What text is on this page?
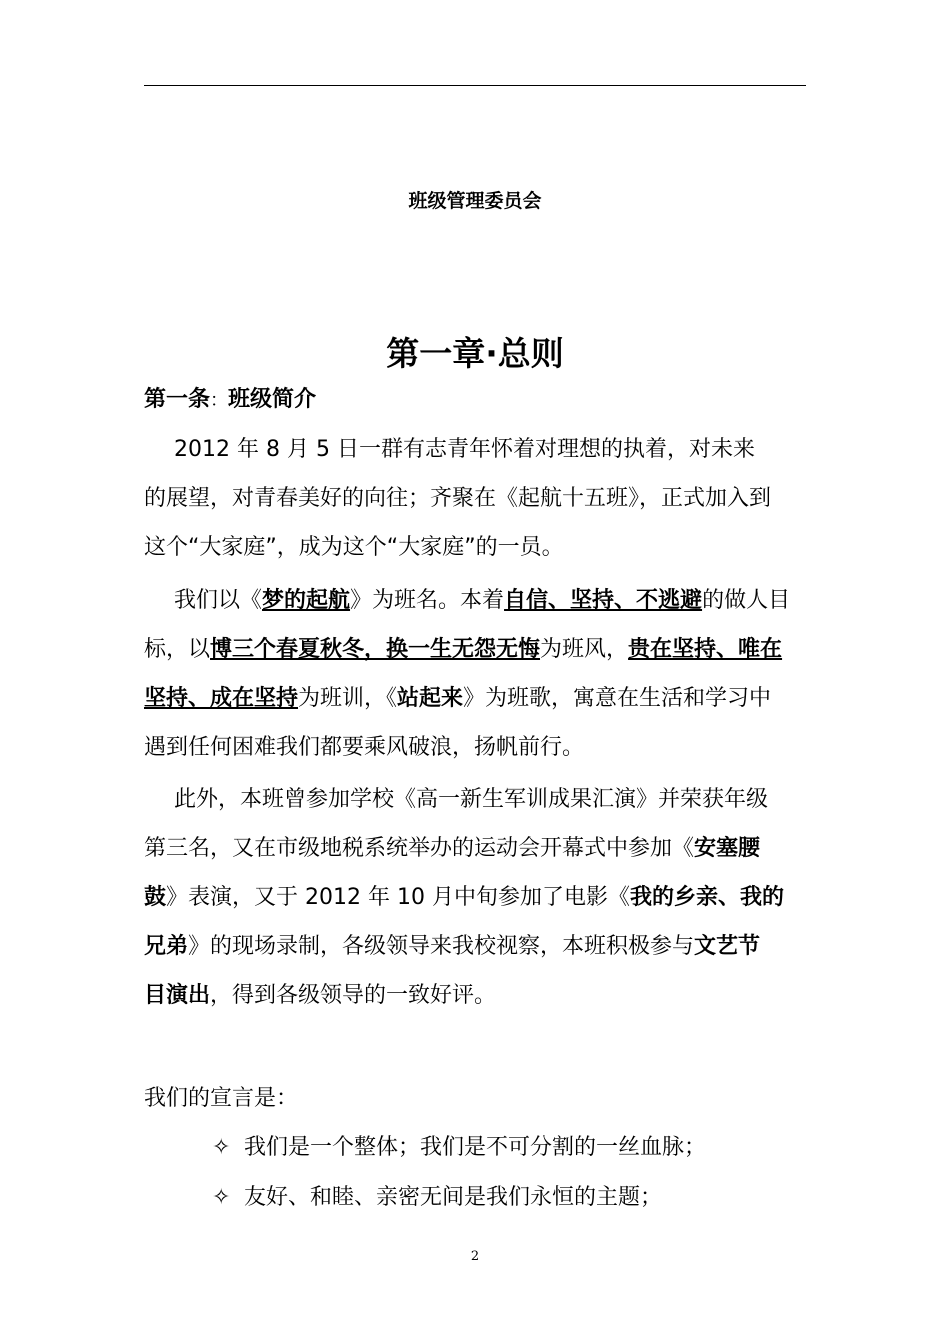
班级管理委员会
第一章·总则
第一条：班级简介
2012 年 8 月 5 日一群有志青年怀着对理想的执着，对未来
的展望，对青春美好的向往；齐聚在《起航十五班》，正式加入到
这个“大家庭”，成为这个“大家庭”的一员。
我们以《梦的起航》为班名。本着自信、坚持、不逃避的做人目
标，以博三个春夏秋冬，换一生无怨无悔为班风，贵在坚持、唯在
坚持、成在坚持为班训，《站起来》为班歌，寓意在生活和学习中
遇到任何困难我们都要乘风破浪，扬帆前行。
此外，本班曾参加学校《高一新生军训成果汇演》并荣获年级
第三名，又在市级地税系统举办的运动会开幕式中参加《安塞腰
鼓》表演，又于 2012 年 10 月中旬参加了电影《我的乡亲、我的
兄弟》的现场录制，各级领导来我校视察，本班积极参与文艺节
目演出，得到各级领导的一致好评。
我们的宣言是：
✧ 我们是一个整体；我们是不可分割的一丝血脉；
✧ 友好、和睦、亲密无间是我们永恒的主题；
2
